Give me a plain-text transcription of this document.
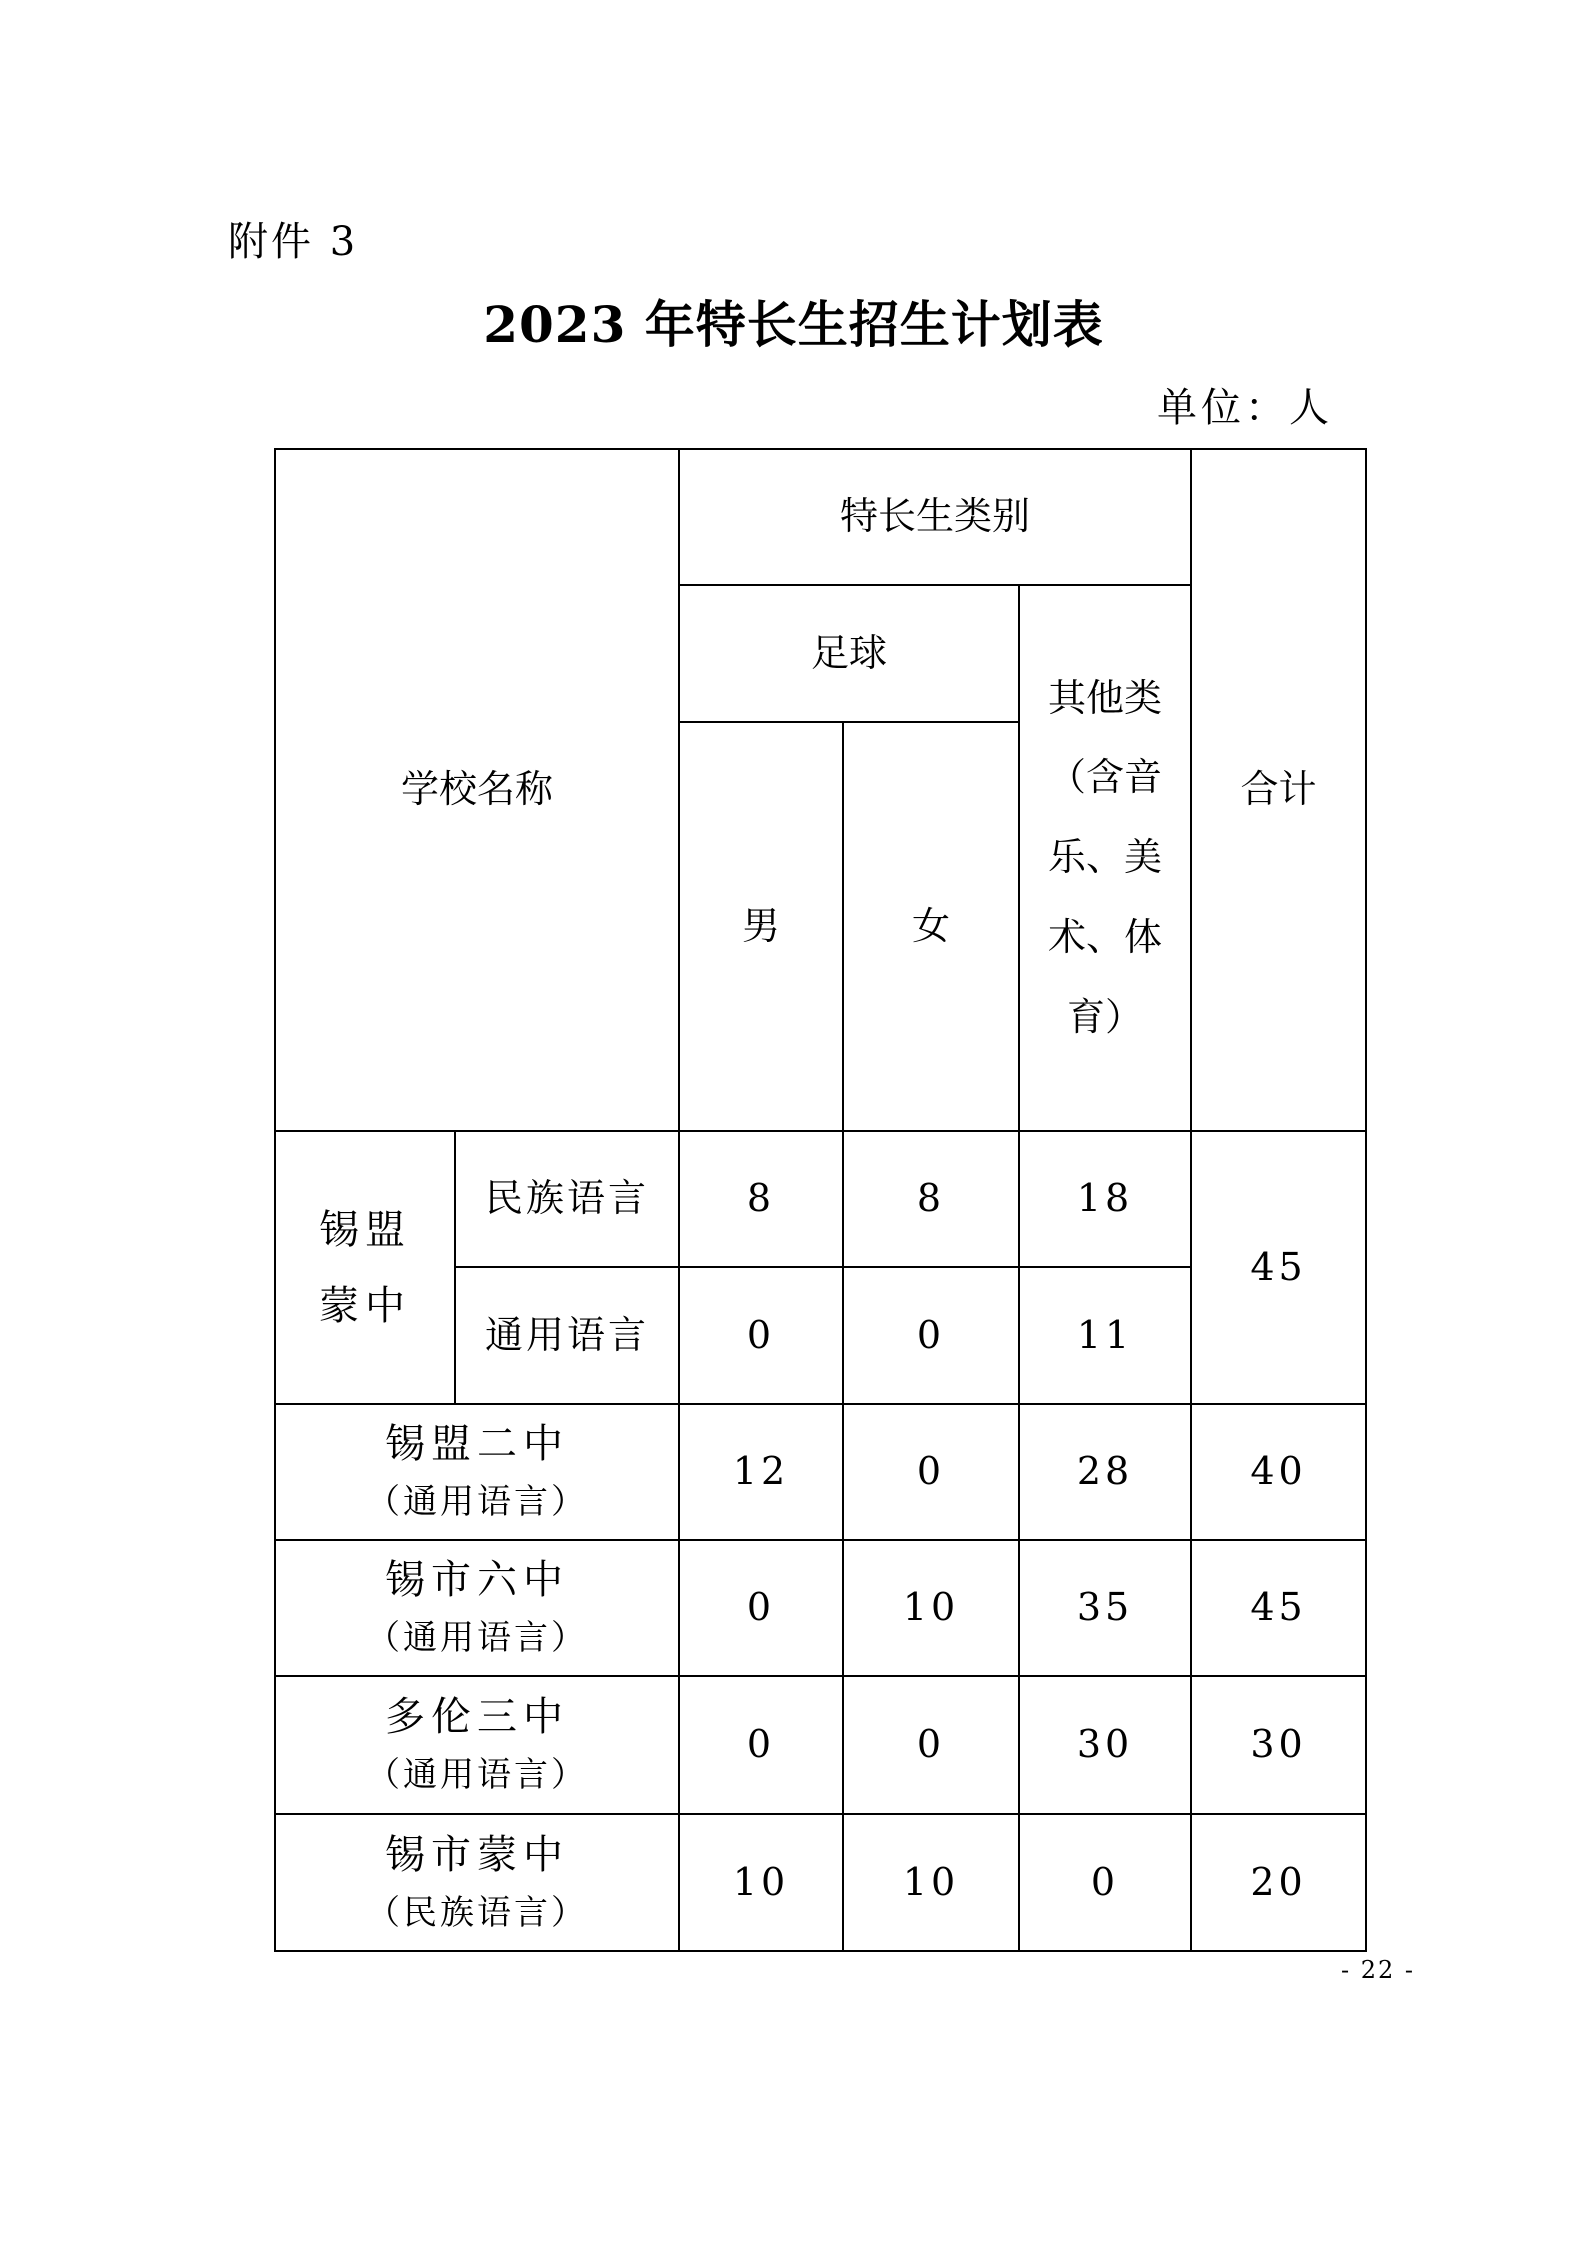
附件 3
2023 年特长生招生计划表
单位：人
学校名称		特长生类别			合计
		足球		其他类（含音乐、美术、体育）	
		男	女		
锡盟蒙中	民族语言	8	8	18	45
	通用语言	0	0	11	
锡盟二中（通用语言）		12	0	28	40
锡市六中（通用语言）		0	10	35	45
多伦三中（通用语言）		0	0	30	30
锡市蒙中（民族语言）		10	10	0	20
- 22 -
